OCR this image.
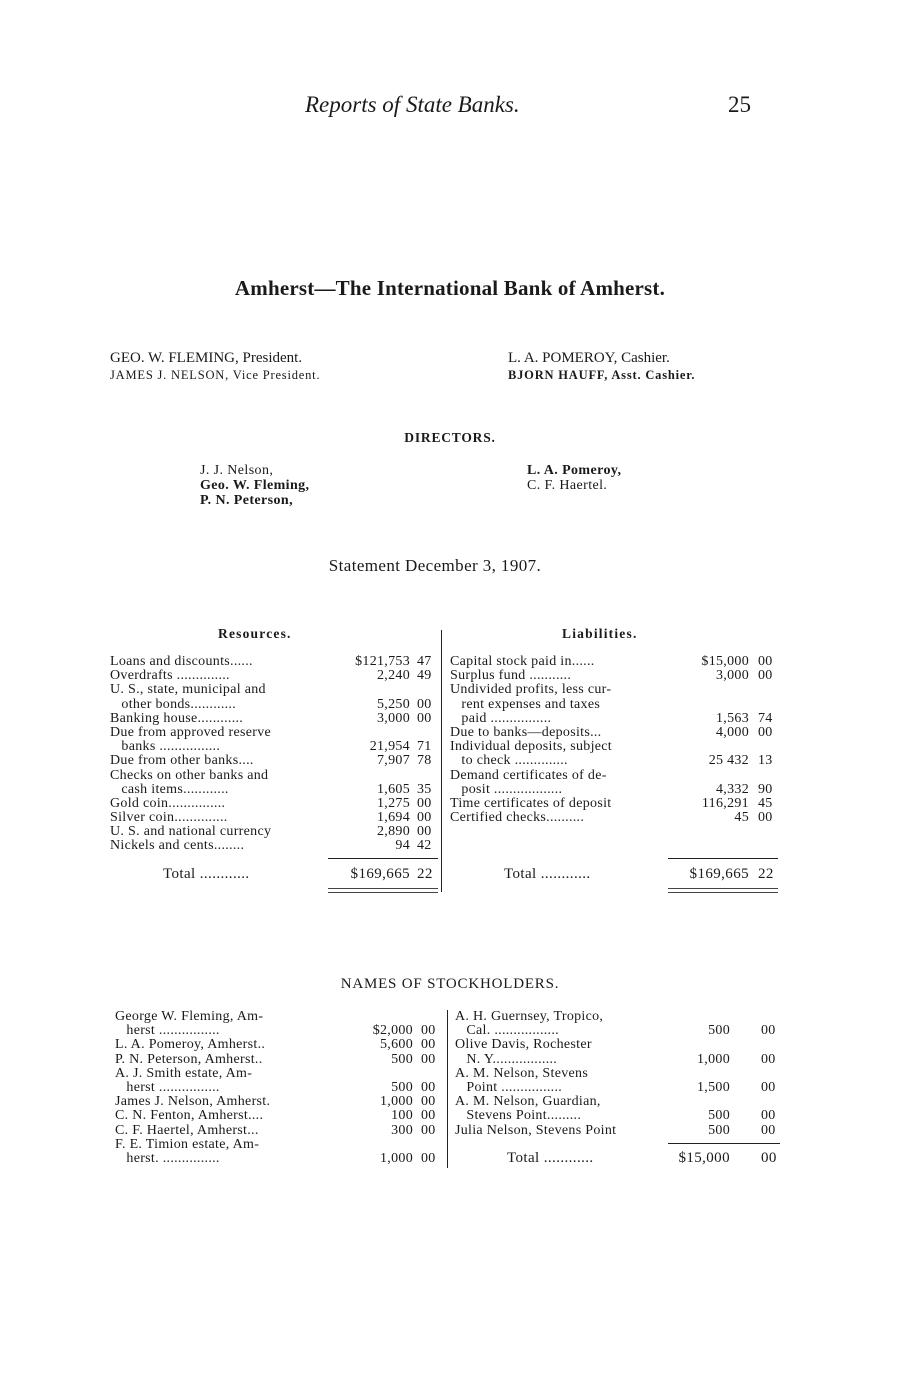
Reports of State Banks.	25
Amherst—The International Bank of Amherst.
GEO. W. FLEMING, President.
JAMES J. NELSON, Vice President.
L. A. POMEROY, Cashier.
BJORN HAUFF, Asst. Cashier.
DIRECTORS.
J. J. Nelson,
Geo. W. Fleming,
P. N. Peterson,
L. A. Pomeroy,
C. F. Haertel.
Statement December 3, 1907.
Resources.	Liabilities.
Loans and discounts......	$121,753 47
Overdrafts ..............	2,240 49
U. S., state, municipal and
other bonds............	5,250 00
Banking house............	3,000 00
Due from approved reserve
banks ................	21,954 71
Due from other banks....	7,907 78
Checks on other banks and
cash items............	1,605 35
Gold coin...............	1,275 00
Silver coin..............	1,694 00
U. S. and national currency	2,890 00
Nickels and cents........	94 42
Total ............	$169,665 22
Capital stock paid in......	$15,000 00
Surplus fund ...........	3,000 00
Undivided profits, less cur-
rent expenses and taxes
paid ................	1,563 74
Due to banks—deposits...	4,000 00
Individual deposits, subject
to check ..............	25 432 13
Demand certificates of de-
posit ..................	4,332 90
Time certificates of deposit	116,291 45
Certified checks..........	45 00
Total ............	$169,665 22
NAMES OF STOCKHOLDERS.
George W. Fleming, Am-
herst ................	$2,000 00
L. A. Pomeroy, Amherst..	5,600 00
P. N. Peterson, Amherst..	500 00
A. J. Smith estate, Am-
herst ................	500 00
James J. Nelson, Amherst.	1,000 00
C. N. Fenton, Amherst....	100 00
C. F. Haertel, Amherst...	300 00
F. E. Timion estate, Am-
herst. ...............	1,000 00
A. H. Guernsey, Tropico,
Cal. .................	500 00
Olive Davis, Rochester
N. Y.................	1,000 00
A. M. Nelson, Stevens
Point ................	1,500 00
A. M. Nelson, Guardian,
Stevens Point.........	500 00
Julia Nelson, Stevens Point	500 00
Total ............	$15,000 00
